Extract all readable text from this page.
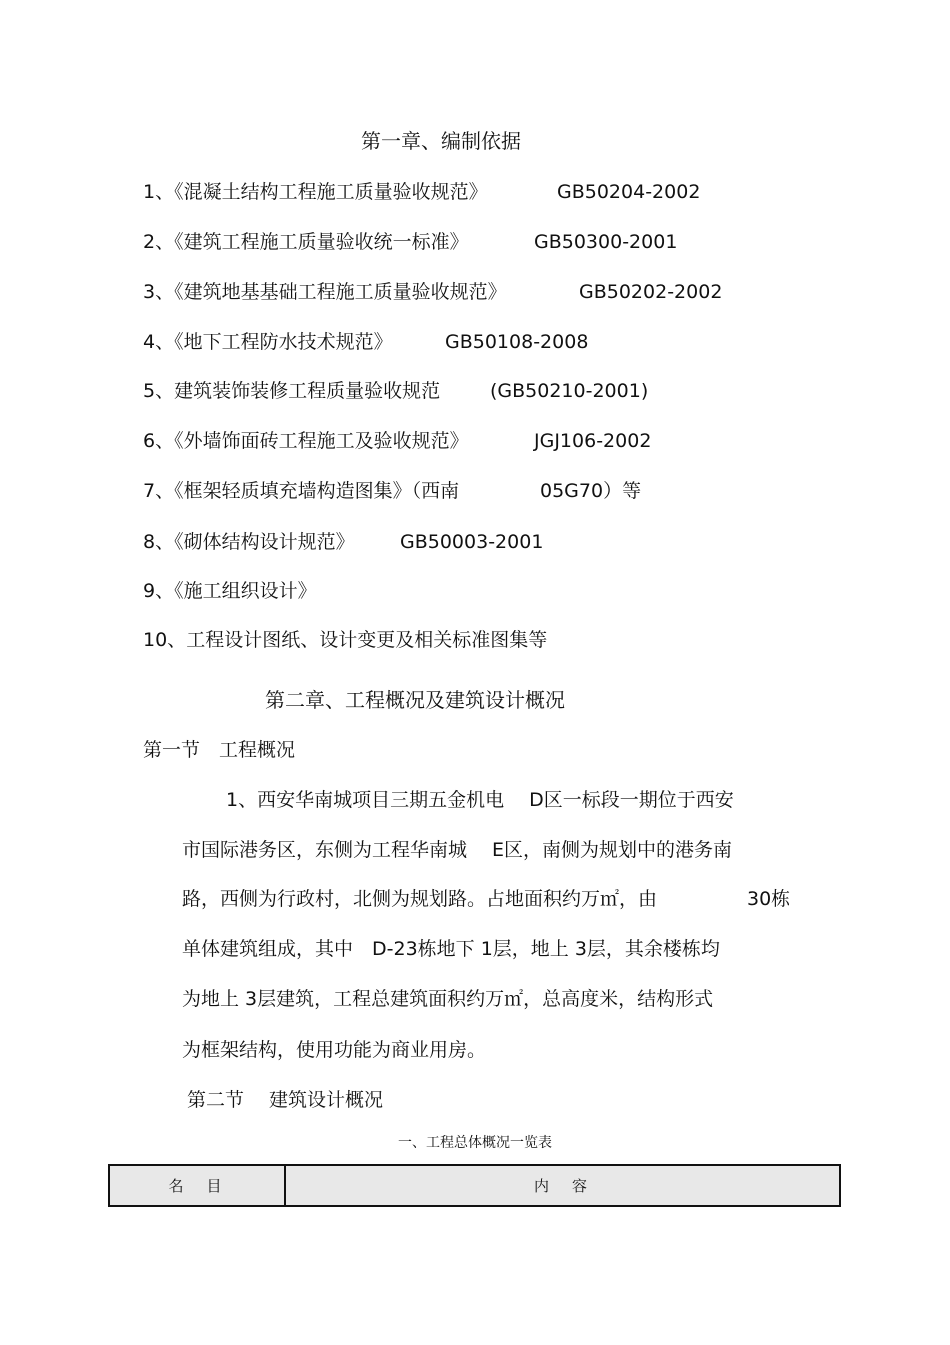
第一章、编制依据
1、《混凝土结构工程施工质量验收规范》	GB50204-2002
2、《建筑工程施工质量验收统一标准》	GB50300-2001
3、《建筑地基基础工程施工质量验收规范》	GB50202-2002
4、《地下工程防水技术规范》	GB50108-2008
5、建筑装饰装修工程质量验收规范	(GB50210-2001)
6、《外墙饰面砖工程施工及验收规范》	JGJ106-2002
7、《框架轻质填充墙构造图集》（西南	05G70）等
8、《砌体结构设计规范》 GB50003-2001
9、《施工组织设计》
10、工程设计图纸、设计变更及相关标准图集等
第二章、工程概况及建筑设计概况
第一节　工程概况
1、西安华南城项目三期五金机电　 D区一标段一期位于西安
市国际港务区，东侧为工程华南城　 E区，南侧为规划中的港务南
路，西侧为行政村，北侧为规划路。占地面积约万㎡，由	30栋
单体建筑组成，其中　D-23栋地下 1层，地上 3层，其余楼栋均
为地上 3层建筑，工程总建筑面积约万㎡，总高度米，结构形式
为框架结构，使用功能为商业用房。
第二节　 建筑设计概况
一、工程总体概况一览表
名　目	内　容
